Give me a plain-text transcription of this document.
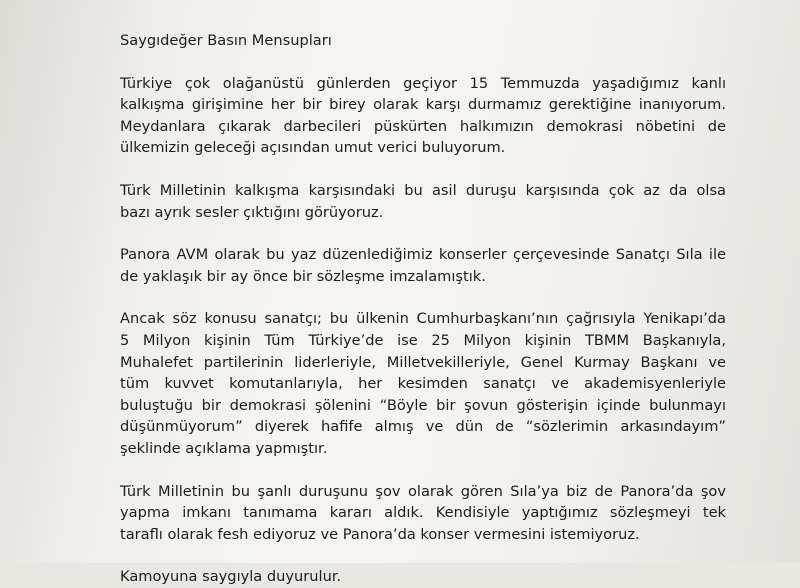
Saygıdeğer Basın Mensupları
Türkiye çok olağanüstü günlerden geçiyor 15 Temmuzda yaşadığımız kanlı
kalkışma girişimine her bir birey olarak karşı durmamız gerektiğine inanıyorum.
Meydanlara çıkarak darbecileri püskürten halkımızın demokrasi nöbetini de
ülkemizin geleceği açısından umut verici buluyorum.
Türk Milletinin kalkışma karşısındaki bu asil duruşu karşısında çok az da olsa
bazı ayrık sesler çıktığını görüyoruz.
Panora AVM olarak bu yaz düzenlediğimiz konserler çerçevesinde Sanatçı Sıla ile
de yaklaşık bir ay önce bir sözleşme imzalamıştık.
Ancak söz konusu sanatçı; bu ülkenin Cumhurbaşkanı’nın çağrısıyla Yenikapı’da
5 Milyon kişinin Tüm Türkiye’de ise 25 Milyon kişinin TBMM Başkanıyla,
Muhalefet partilerinin liderleriyle, Milletvekilleriyle, Genel Kurmay Başkanı ve
tüm kuvvet komutanlarıyla, her kesimden sanatçı ve akademisyenleriyle
buluştuğu bir demokrasi şölenini “Böyle bir şovun gösterişin içinde bulunmayı
düşünmüyorum” diyerek hafife almış ve dün de “sözlerimin arkasındayım”
şeklinde açıklama yapmıştır.
Türk Milletinin bu şanlı duruşunu şov olarak gören Sıla’ya biz de Panora’da şov
yapma imkanı tanımama kararı aldık. Kendisiyle yaptığımız sözleşmeyi tek
taraflı olarak fesh ediyoruz ve Panora’da konser vermesini istemiyoruz.
Kamoyuna saygıyla duyurulur.
